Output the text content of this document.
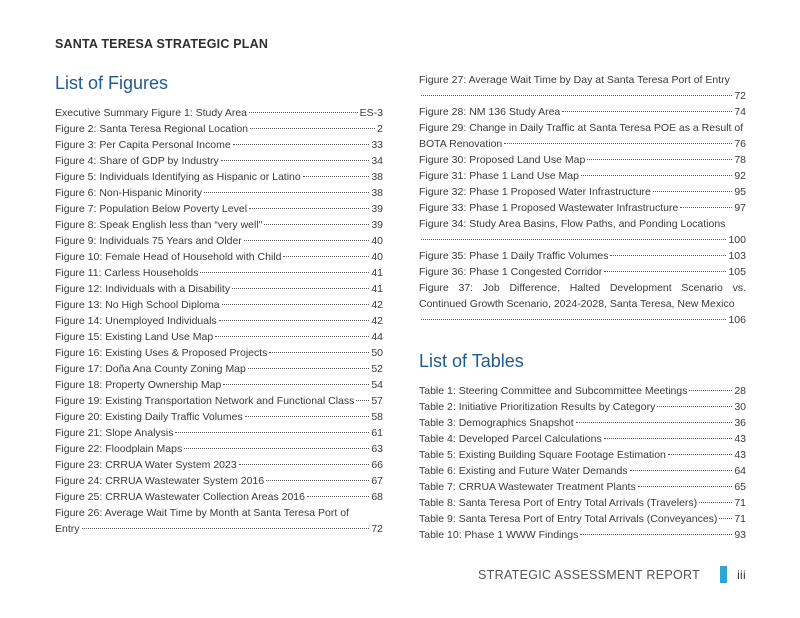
SANTA TERESA STRATEGIC PLAN
List of Figures
Executive Summary Figure 1: Study Area	ES-3
Figure 2: Santa Teresa Regional Location	2
Figure 3: Per Capita Personal Income	33
Figure 4: Share of GDP by Industry	34
Figure 5: Individuals Identifying as Hispanic or Latino	38
Figure 6: Non-Hispanic Minority	38
Figure 7: Population Below Poverty Level	39
Figure 8: Speak English less than “very well"	39
Figure 9: Individuals 75 Years and Older	40
Figure 10: Female Head of Household with Child	40
Figure 11: Carless Households	41
Figure 12: Individuals with a Disability	41
Figure 13: No High School Diploma	42
Figure 14: Unemployed Individuals	42
Figure 15: Existing Land Use Map	44
Figure 16: Existing Uses & Proposed Projects	50
Figure 17: Doña Ana County Zoning Map	52
Figure 18: Property Ownership Map	54
Figure 19: Existing Transportation Network and Functional Class 57
Figure 20: Existing Daily Traffic Volumes	58
Figure 21: Slope Analysis	61
Figure 22: Floodplain Maps	63
Figure 23: CRRUA Water System 2023	66
Figure 24: CRRUA Wastewater System 2016	67
Figure 25: CRRUA Wastewater Collection Areas 2016	68
Figure 26: Average Wait Time by Month at Santa Teresa Port of
Entry	72
Figure 27: Average Wait Time by Day at Santa Teresa Port of Entry
72
Figure 28: NM 136 Study Area	74
Figure 29: Change in Daily Traffic at Santa Teresa POE as a Result of
BOTA Renovation	76
Figure 30: Proposed Land Use Map	78
Figure 31: Phase 1 Land Use Map	92
Figure 32: Phase 1 Proposed Water Infrastructure	95
Figure 33: Phase 1 Proposed Wastewater Infrastructure	97
Figure 34: Study Area Basins, Flow Paths, and Ponding Locations
100
Figure 35: Phase 1 Daily Traffic Volumes	103
Figure 36: Phase 1 Congested Corridor	105
Figure 37: Job Difference, Halted Development Scenario vs. Continued Growth Scenario, 2024-2028, Santa Teresa, New Mexico
106
List of Tables
Table 1: Steering Committee and Subcommittee Meetings	28
Table 2: Initiative Prioritization Results by Category	30
Table 3: Demographics Snapshot	36
Table 4: Developed Parcel Calculations	43
Table 5: Existing Building Square Footage Estimation	43
Table 6: Existing and Future Water Demands	64
Table 7: CRRUA Wastewater Treatment Plants	65
Table 8: Santa Teresa Port of Entry Total Arrivals (Travelers)	71
Table 9: Santa Teresa Port of Entry Total Arrivals (Conveyances) 71
Table 10: Phase 1 WWW Findings	93
STRATEGIC ASSESSMENT REPORT	iii
